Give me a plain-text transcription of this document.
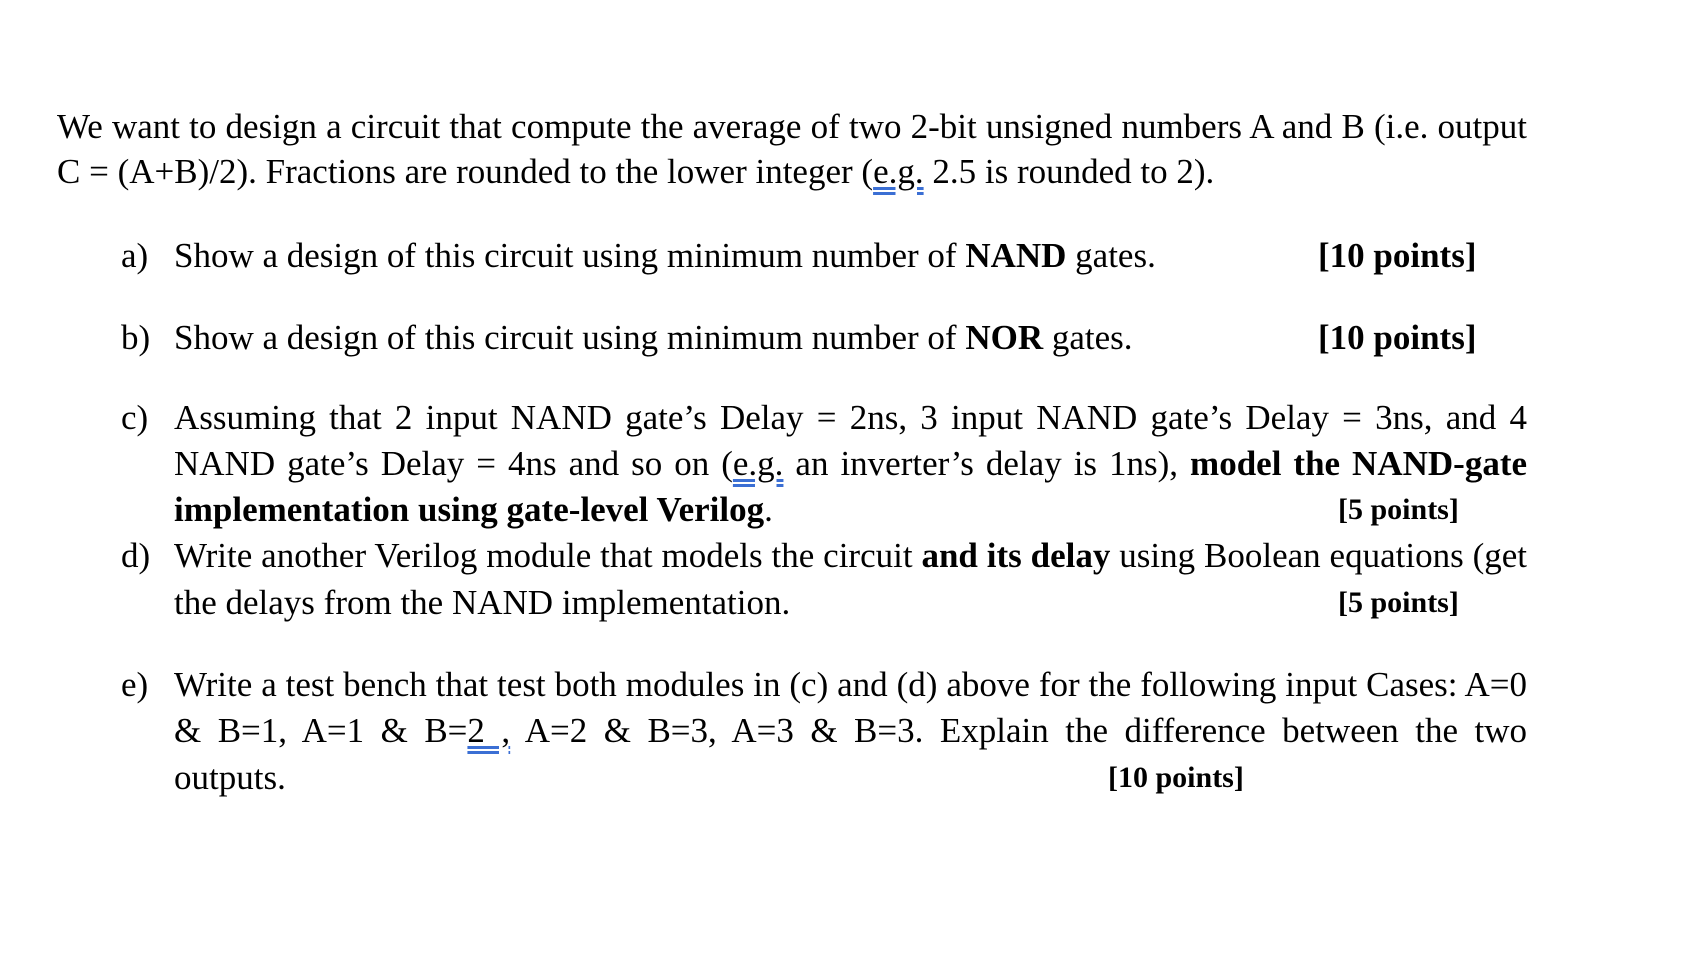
We want to design a circuit that compute the average of two 2-bit unsigned numbers A and B (i.e. output
C = (A+B)/2). Fractions are rounded to the lower integer (e.g. 2.5 is rounded to 2).
a) Show a design of this circuit using minimum number of NAND gates.	[10 points]
b) Show a design of this circuit using minimum number of NOR gates.	[10 points]
c) Assuming that 2 input NAND gate’s Delay = 2ns, 3 input NAND gate’s Delay = 3ns, and 4
NAND gate’s Delay = 4ns and so on (e.g. an inverter’s delay is 1ns), model the NAND-gate
implementation using gate-level Verilog.	[5 points]
d) Write another Verilog module that models the circuit and its delay using Boolean equations (get
the delays from the NAND implementation.	[5 points]
e) Write a test bench that test both modules in (c) and (d) above for the following input Cases: A=0
& B=1, A=1 & B=2 , A=2 & B=3, A=3 & B=3. Explain the difference between the two
outputs.	[10 points]
